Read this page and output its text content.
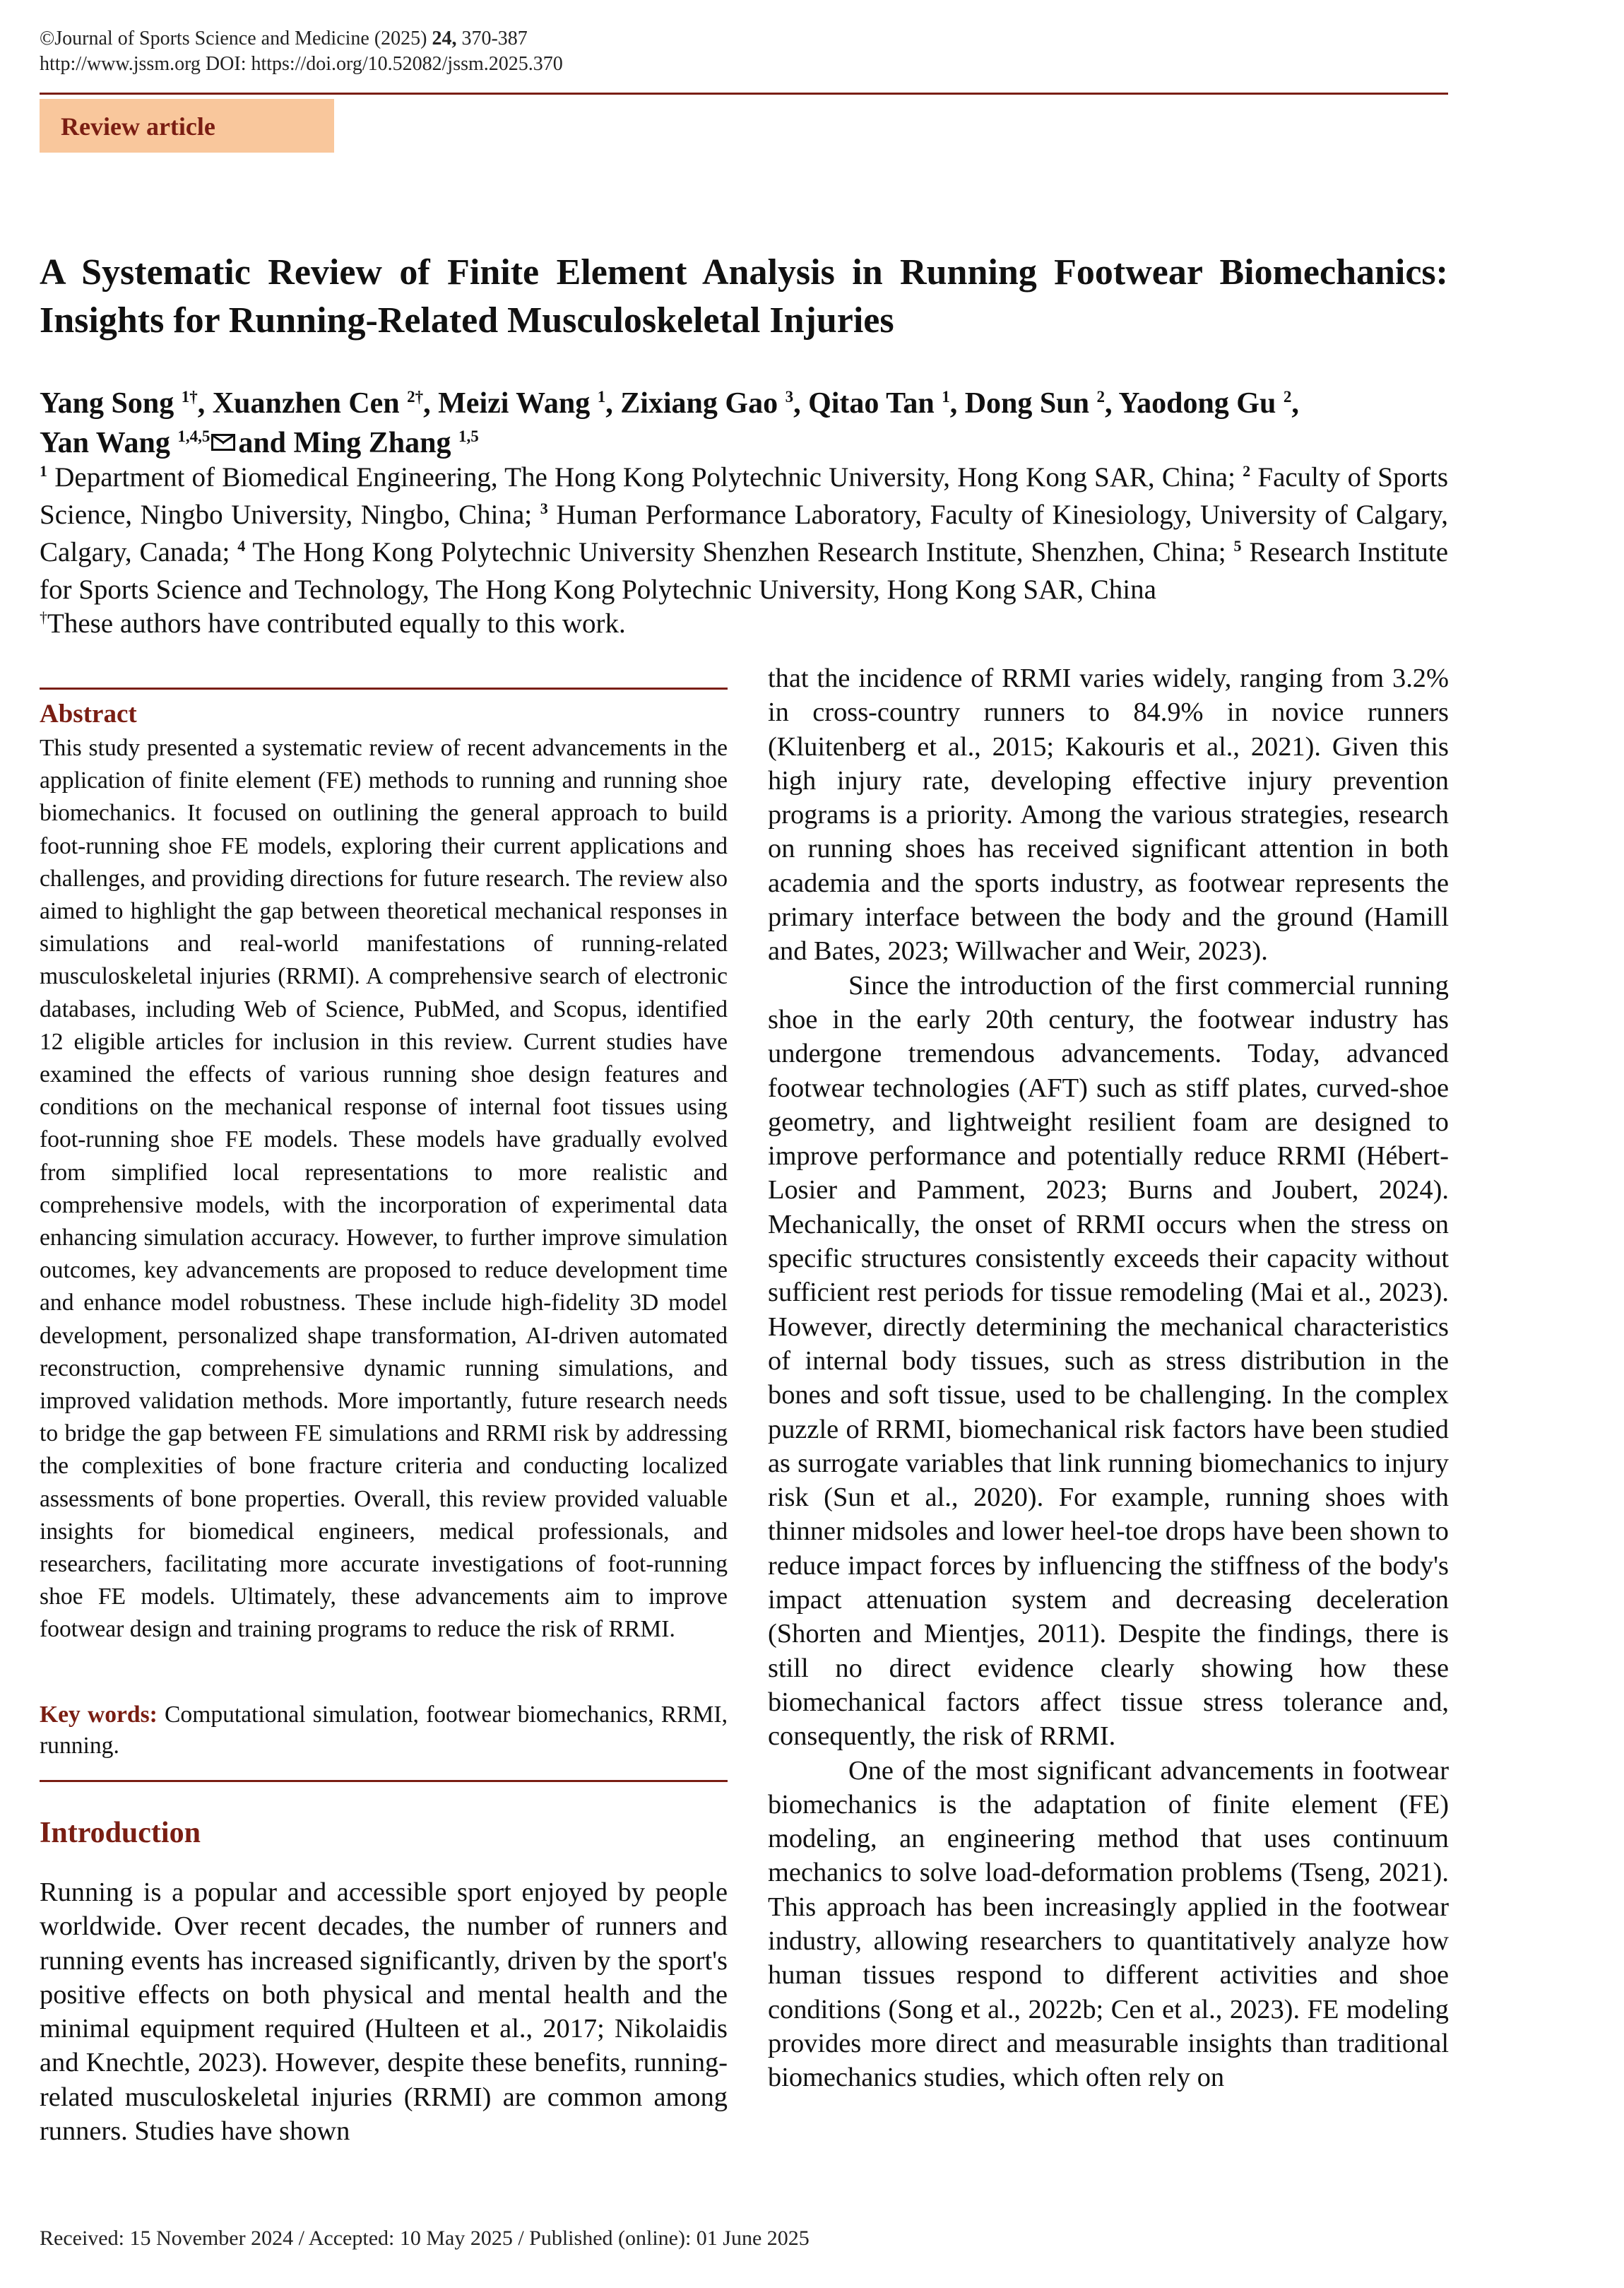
©Journal of Sports Science and Medicine (2025) 24, 370-387
http://www.jssm.org DOI: https://doi.org/10.52082/jssm.2025.370
Review article
A Systematic Review of Finite Element Analysis in Running Footwear Biomechanics: Insights for Running-Related Musculoskeletal Injuries
Yang Song $^{1\dagger}$, Xuanzhen Cen $^{2\dagger}$, Meizi Wang $^1$, Zixiang Gao $^3$, Qitao Tan $^1$, Dong Sun $^2$, Yaodong Gu $^2$,
Yan Wang $^{1,4,5}$ and Ming Zhang $^{1,5}$
$^1$ Department of Biomedical Engineering, The Hong Kong Polytechnic University, Hong Kong SAR, China; $^2$ Faculty of Sports Science, Ningbo University, Ningbo, China; $^3$ Human Performance Laboratory, Faculty of Kinesiology, University of Calgary, Calgary, Canada; $^4$ The Hong Kong Polytechnic University Shenzhen Research Institute, Shenzhen, China; $^5$ Research Institute for Sports Science and Technology, The Hong Kong Polytechnic University, Hong Kong SAR, China
†These authors have contributed equally to this work.
Abstract
This study presented a systematic review of recent advancements in the application of finite element (FE) methods to running and running shoe biomechanics. It focused on outlining the general approach to build foot-running shoe FE models, exploring their current applications and challenges, and providing directions for future research. The review also aimed to highlight the gap between theoretical mechanical responses in simulations and real-world manifestations of running-related musculoskeletal injuries (RRMI). A comprehensive search of electronic databases, including Web of Science, PubMed, and Scopus, identified 12 eligible articles for inclusion in this review. Current studies have examined the effects of various running shoe design features and conditions on the mechanical response of internal foot tissues using foot-running shoe FE models. These models have gradually evolved from simplified local representations to more realistic and comprehensive models, with the incorporation of experimental data enhancing simulation accuracy. However, to further improve simulation outcomes, key advancements are proposed to reduce development time and enhance model robustness. These include high-fidelity 3D model development, personalized shape transformation, AI-driven automated reconstruction, comprehensive dynamic running simulations, and improved validation methods. More importantly, future research needs to bridge the gap between FE simulations and RRMI risk by addressing the complexities of bone fracture criteria and conducting localized assessments of bone properties. Overall, this review provided valuable insights for biomedical engineers, medical professionals, and researchers, facilitating more accurate investigations of foot-running shoe FE models. Ultimately, these advancements aim to improve footwear design and training programs to reduce the risk of RRMI.
Key words: Computational simulation, footwear biomechanics, RRMI, running.
Introduction

Running is a popular and accessible sport enjoyed by people worldwide. Over recent decades, the number of runners and running events has increased significantly, driven by the sport's positive effects on both physical and mental health and the minimal equipment required (Hulteen et al., 2017; Nikolaidis and Knechtle, 2023). However, despite these benefits, running-related musculoskeletal injuries (RRMI) are common among runners. Studies have shown

that the incidence of RRMI varies widely, ranging from 3.2% in cross-country runners to 84.9% in novice runners (Kluitenberg et al., 2015; Kakouris et al., 2021). Given this high injury rate, developing effective injury prevention programs is a priority. Among the various strategies, research on running shoes has received significant attention in both academia and the sports industry, as footwear represents the primary interface between the body and the ground (Hamill and Bates, 2023; Willwacher and Weir, 2023).

Since the introduction of the first commercial running shoe in the early 20th century, the footwear industry has undergone tremendous advancements. Today, advanced footwear technologies (AFT) such as stiff plates, curved-shoe geometry, and lightweight resilient foam are designed to improve performance and potentially reduce RRMI (Hébert-Losier and Pamment, 2023; Burns and Joubert, 2024). Mechanically, the onset of RRMI occurs when the stress on specific structures consistently exceeds their capacity without sufficient rest periods for tissue remodeling (Mai et al., 2023). However, directly determining the mechanical characteristics of internal body tissues, such as stress distribution in the bones and soft tissue, used to be challenging. In the complex puzzle of RRMI, biomechanical risk factors have been studied as surrogate variables that link running biomechanics to injury risk (Sun et al., 2020). For example, running shoes with thinner midsoles and lower heel-toe drops have been shown to reduce impact forces by influencing the stiffness of the body's impact attenuation system and decreasing deceleration (Shorten and Mientjes, 2011). Despite the findings, there is still no direct evidence clearly showing how these biomechanical factors affect tissue stress tolerance and, consequently, the risk of RRMI.

One of the most significant advancements in footwear biomechanics is the adaptation of finite element (FE) modeling, an engineering method that uses continuum mechanics to solve load-deformation problems (Tseng, 2021). This approach has been increasingly applied in the footwear industry, allowing researchers to quantitatively analyze how human tissues respond to different activities and shoe conditions (Song et al., 2022b; Cen et al., 2023). FE modeling provides more direct and measurable insights than traditional biomechanics studies, which often rely on

Received: 15 November 2024 / Accepted: 10 May 2025 / Published (online): 01 June 2025
